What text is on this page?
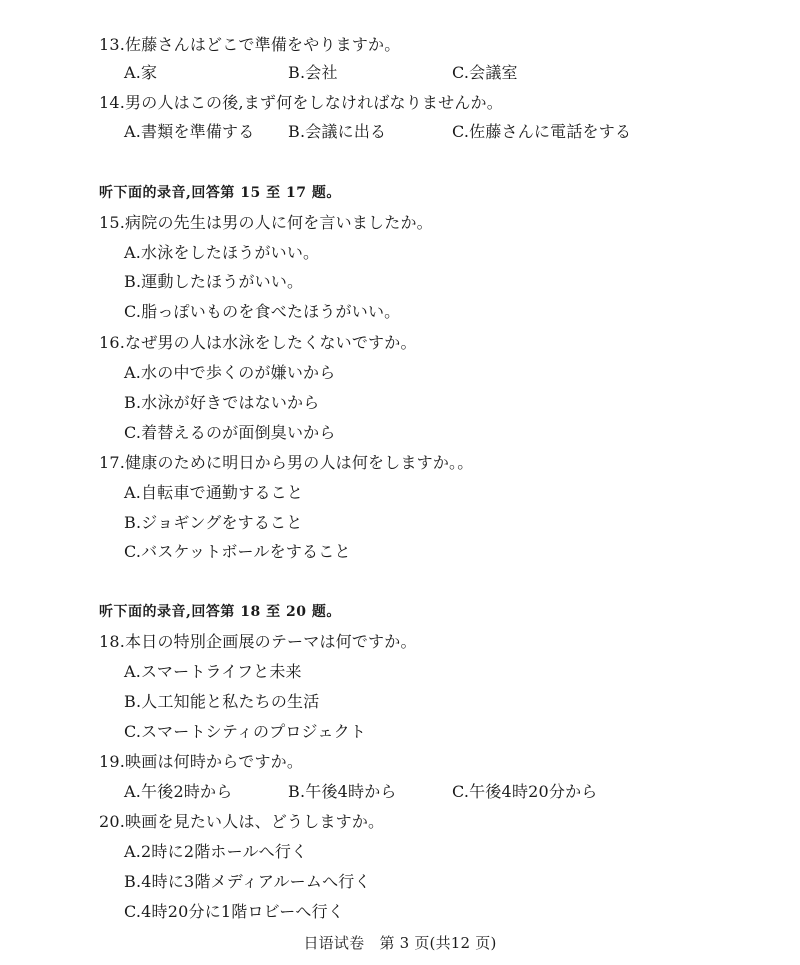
13.佐藤さんはどこで準備をやりますか。
A.家	B.会社	C.会議室
14.男の人はこの後,まず何をしなければなりませんか。
A.書類を準備する B.会議に出る	C.佐藤さんに電話をする
听下面的录音,回答第 15 至 17 题。
15.病院の先生は男の人に何を言いましたか。
A.水泳をしたほうがいい。
B.運動したほうがいい。
C.脂っぽいものを食べたほうがいい。
16.なぜ男の人は水泳をしたくないですか。
A.水の中で歩くのが嫌いから
B.水泳が好きではないから
C.着替えるのが面倒臭いから
17.健康のために明日から男の人は何をしますか。。
A.自転車で通勤すること
B.ジョギングをすること
C.バスケットボールをすること
听下面的录音,回答第 18 至 20 题。
18.本日の特別企画展のテーマは何ですか。
A.スマートライフと未来
B.人工知能と私たちの生活
C.スマートシティのプロジェクト
19.映画は何時からですか。
A.午後2時から	B.午後4時から	C.午後4時20分から
20.映画を見たい人は、どうしますか。
A.2時に2階ホールへ行く
B.4時に3階メディアルームへ行く
C.4時20分に1階ロビーへ行く
日语试卷　第 3 页(共12 页)
